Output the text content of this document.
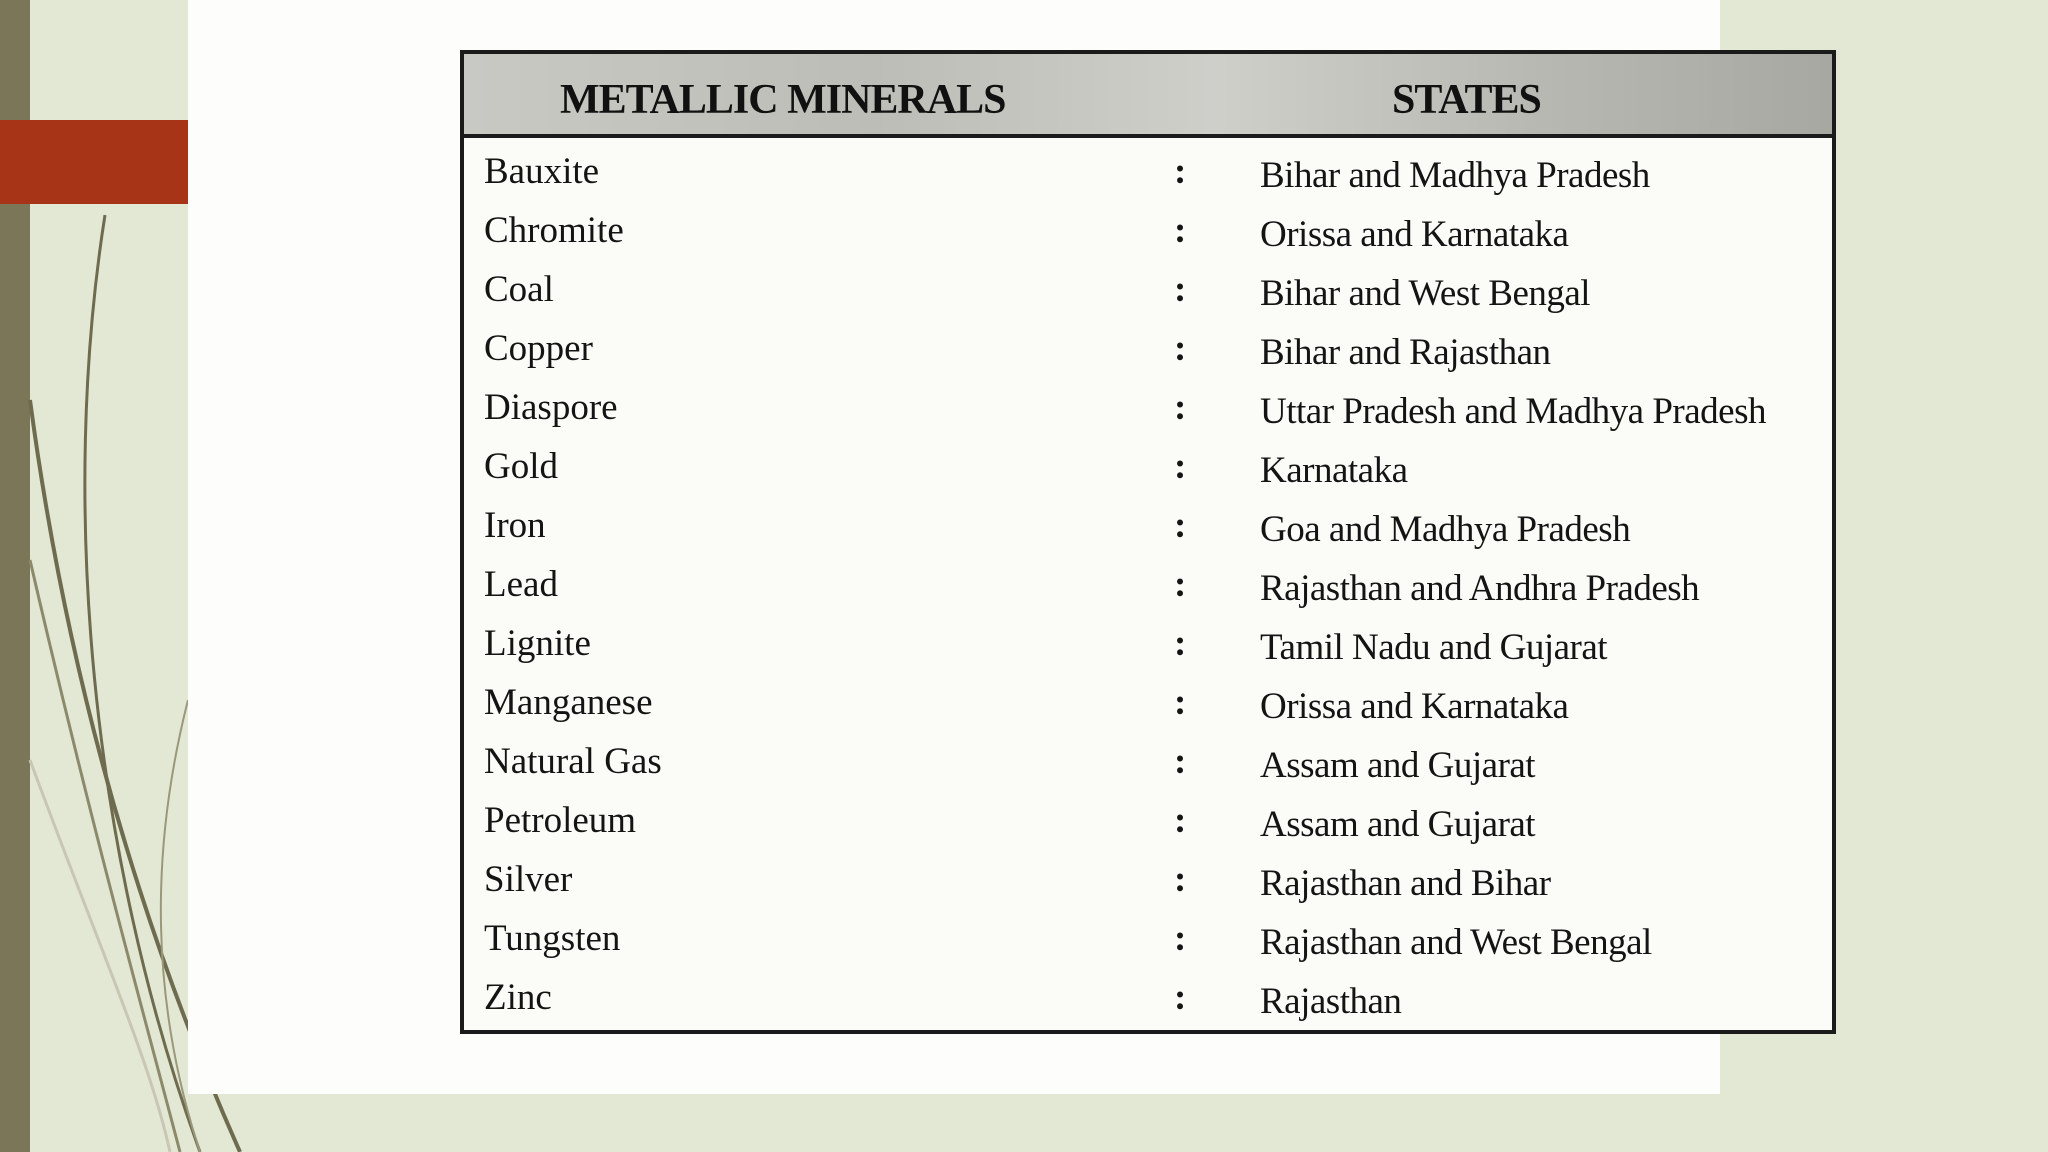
METALLIC MINERALS	STATES
Bauxite	: Bihar and Madhya Pradesh
Chromite	: Orissa and Karnataka
Coal	: Bihar and West Bengal
Copper	: Bihar and Rajasthan
Diaspore	: Uttar Pradesh and Madhya Pradesh
Gold	: Karnataka
Iron	: Goa and Madhya Pradesh
Lead	: Rajasthan and Andhra Pradesh
Lignite	: Tamil Nadu and Gujarat
Manganese	: Orissa and Karnataka
Natural Gas	: Assam and Gujarat
Petroleum	: Assam and Gujarat
Silver	: Rajasthan and Bihar
Tungsten	: Rajasthan and West Bengal
Zinc	: Rajasthan
